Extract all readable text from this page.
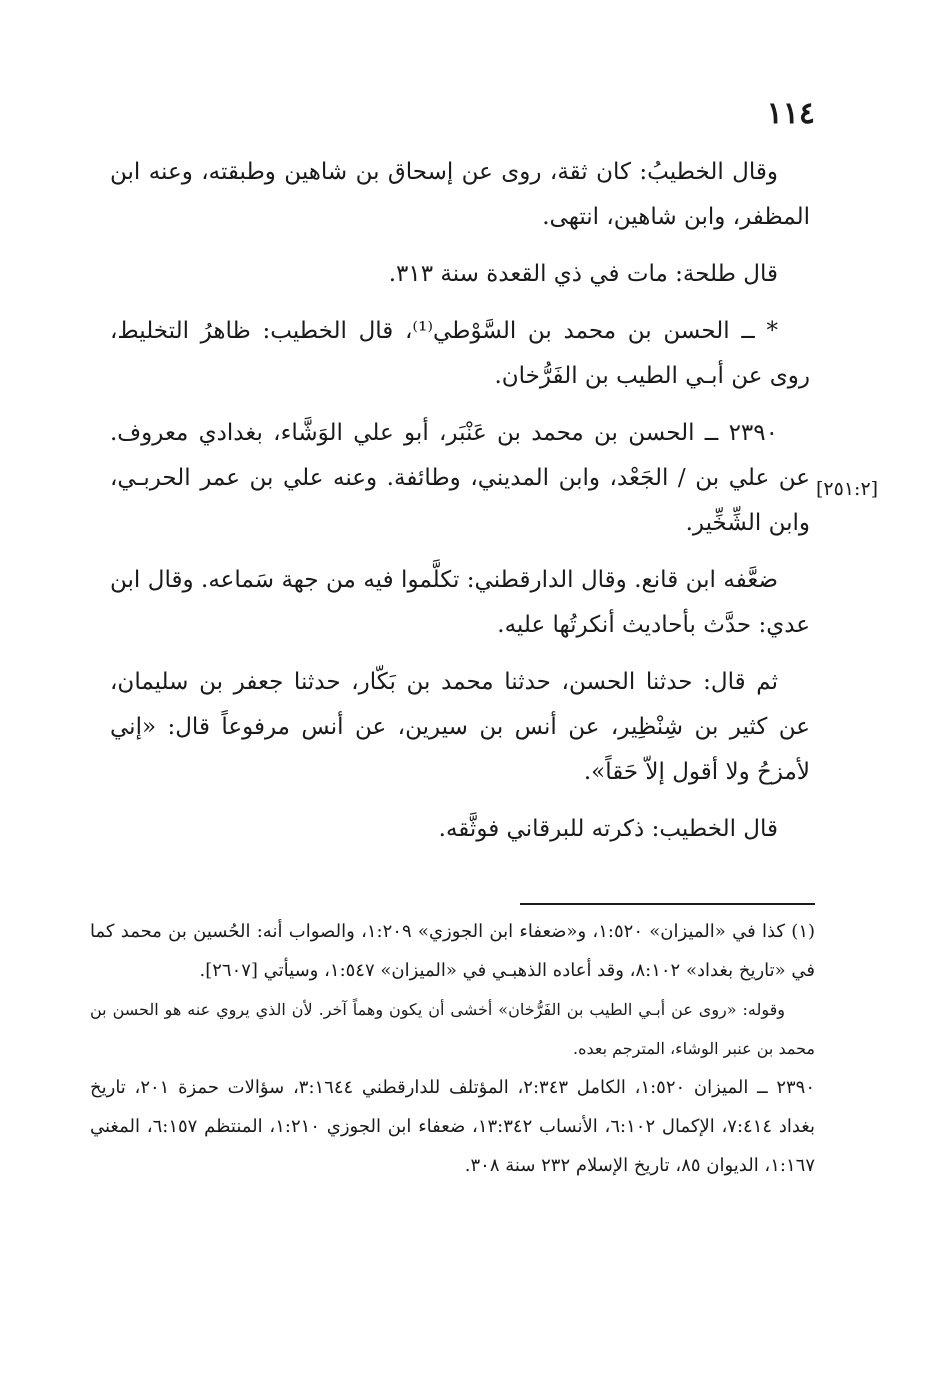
١١٤

وقال الخطيبُ: كان ثقة، روى عن إسحاق بن شاهين وطبقته، وعنه ابن المظفر، وابن شاهين، انتهى.

قال طلحة: مات في ذي القعدة سنة ٣١٣.

* ــ الحسن بن محمد بن السَّوْطي⁽¹⁾، قال الخطيب: ظاهرُ التخليط، روى عن أبـي الطيب بن الفَرُّخان.

٢٣٩٠ ــ الحسن بن محمد بن عَنْبَر، أبو علي الوَشَّاء، بغدادي معروف. عن علي بن / الجَعْد، وابن المديني، وطائفة. وعنه علي بن عمر الحربـي، وابن الشِّخِّير.

ضعَّفه ابن قانع. وقال الدارقطني: تكلَّموا فيه من جهة سَماعه. وقال ابن عدي: حدَّث بأحاديث أنكرتُها عليه.

ثم قال: حدثنا الحسن، حدثنا محمد بن بَكّار، حدثنا جعفر بن سليمان، عن كثير بن شِنْظِير، عن أنس بن سيرين، عن أنس مرفوعاً قال: «إني لأمزحُ ولا أقول إلاّ حَقاً».

قال الخطيب: ذكرته للبرقاني فوثَّقه.

[٢٥١:٢]

(١) كذا في «الميزان» ١:٥٢٠، و«ضعفاء ابن الجوزي» ١:٢٠٩، والصواب أنه: الحُسين بن محمد كما في «تاريخ بغداد» ٨:١٠٢، وقد أعاده الذهبـي في «الميزان» ١:٥٤٧، وسيأتي [٢٦٠٧].

وقوله: «روى عن أبـي الطيب بن الفَرُّخان» أخشى أن يكون وهماً آخر. لأن الذي يروي عنه هو الحسن بن محمد بن عنبر الوشاء، المترجم بعده.

٢٣٩٠ ــ الميزان ١:٥٢٠، الكامل ٢:٣٤٣، المؤتلف للدارقطني ٣:١٦٤٤، سؤالات حمزة ٢٠١، تاريخ بغداد ٧:٤١٤، الإكمال ٦:١٠٢، الأنساب ١٣:٣٤٢، ضعفاء ابن الجوزي ١:٢١٠، المنتظم ٦:١٥٧، المغني ١:١٦٧، الديوان ٨٥، تاريخ الإسلام ٢٣٢ سنة ٣٠٨.
